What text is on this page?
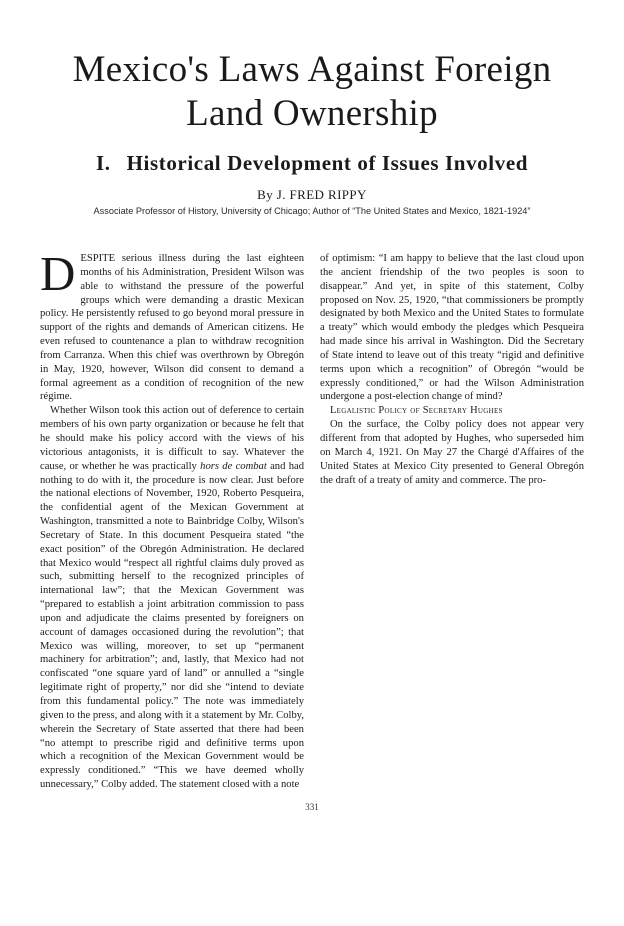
Mexico's Laws Against Foreign Land Ownership
I. Historical Development of Issues Involved
By J. FRED RIPPY
Associate Professor of History, University of Chicago; Author of “The United States and Mexico, 1821-1924”

DESPITE serious illness during the last eighteen months of his Administration, President Wilson was able to withstand the pressure of the powerful groups which were demanding a drastic Mexican policy. He persistently refused to go beyond moral pressure in support of the rights and demands of American citizens. He even refused to countenance a plan to withdraw recognition from Carranza. When this chief was overthrown by Obregón in May, 1920, however, Wilson did consent to demand a formal agreement as a condition of recognition of the new régime.

Whether Wilson took this action out of deference to certain members of his own party organization or because he felt that he should make his policy accord with the views of his victorious antagonists, it is difficult to say. Whatever the cause, or whether he was practically hors de combat and had nothing to do with it, the procedure is now clear. Just before the national elections of November, 1920, Roberto Pesqueira, the confidential agent of the Mexican Government at Washington, transmitted a note to Bainbridge Colby, Wilson's Secretary of State. In this document Pesqueira stated “the exact position” of the Obregón Administration. He declared that Mexico would “respect all rightful claims duly proved as such, submitting herself to the recognized principles of international law”; that the Mexican Government was “prepared to establish a joint arbitration commission to pass upon and adjudicate the claims presented by foreigners on account of damages occasioned during the revolution”; that Mexico was willing, moreover, to set up “permanent machinery for arbitration”; and, lastly, that Mexico had not confiscated “one square yard of land” or annulled a “single legitimate right of property,” nor did she “intend to deviate from this fundamental policy.” The note was immediately given to the press, and along with it a statement by Mr. Colby, wherein the Secretary of State asserted that there had been “no attempt to prescribe rigid and definitive terms upon which a recognition of the Mexican Government would be expressly conditioned.” “This we have deemed wholly unnecessary,” Colby added. The statement closed with a note

of optimism: “I am happy to believe that the last cloud upon the ancient friendship of the two peoples is soon to disappear.” And yet, in spite of this statement, Colby proposed on Nov. 25, 1920, “that commissioners be promptly designated by both Mexico and the United States to formulate a treaty” which would embody the pledges which Pesqueira had made since his arrival in Washington. Did the Secretary of State intend to leave out of this treaty “rigid and definitive terms upon which a recognition” of Obregón “would be expressly conditioned,” or had the Wilson Administration undergone a post-election change of mind?

Legalistic Policy of Secretary Hughes

On the surface, the Colby policy does not appear very different from that adopted by Hughes, who superseded him on March 4, 1921. On May 27 the Chargé d'Affaires of the United States at Mexico City presented to General Obregón the draft of a treaty of amity and commerce. The pro-

331
